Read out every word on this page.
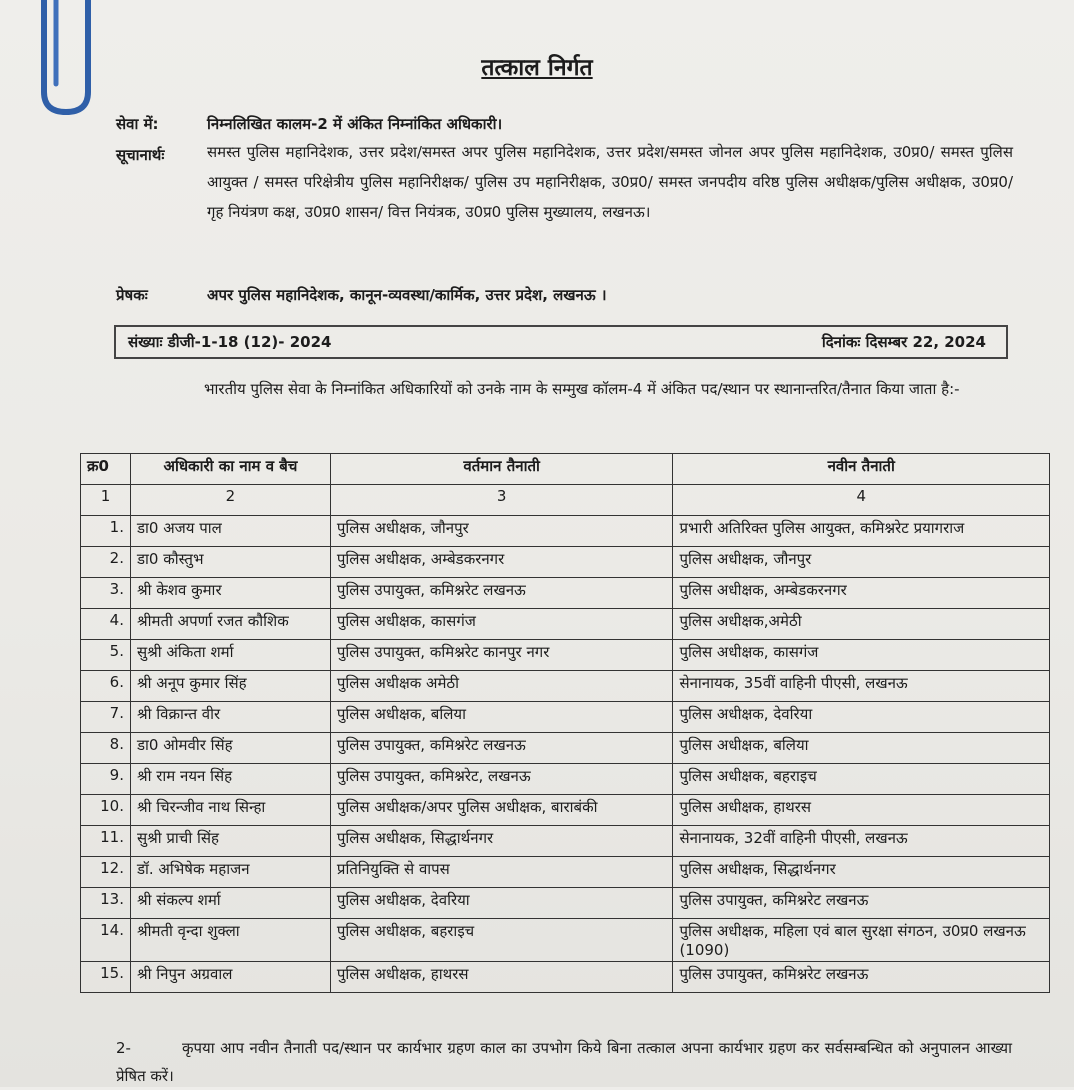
तत्काल निर्गत
सेवा में:	निम्नलिखित कालम-2 में अंकित निम्नांकित अधिकारी।
सूचानार्थः	समस्त पुलिस महानिदेशक, उत्तर प्रदेश/समस्त अपर पुलिस महानिदेशक, उत्तर प्रदेश/समस्त जोनल अपर पुलिस महानिदेशक, उ0प्र0/ समस्त पुलिस आयुक्त / समस्त परिक्षेत्रीय पुलिस महानिरीक्षक/ पुलिस उप महानिरीक्षक, उ0प्र0/ समस्त जनपदीय वरिष्ठ पुलिस अधीक्षक/पुलिस अधीक्षक, उ0प्र0/ गृह नियंत्रण कक्ष, उ0प्र0 शासन/ वित्त नियंत्रक, उ0प्र0 पुलिस मुख्यालय, लखनऊ।
प्रेषकः	अपर पुलिस महानिदेशक, कानून-व्यवस्था/कार्मिक, उत्तर प्रदेश, लखनऊ ।
संख्याः डीजी-1-18 (12)- 2024	दिनांकः दिसम्बर 22, 2024
भारतीय पुलिस सेवा के निम्नांकित अधिकारियों को उनके नाम के सम्मुख कॉलम-4 में अंकित पद/स्थान पर स्थानान्तरित/तैनात किया जाता है:-
क्र0	अधिकारी का नाम व बैच	वर्तमान तैनाती	नवीन तैनाती
1	2	3	4
1.	डा0 अजय पाल	पुलिस अधीक्षक, जौनपुर	प्रभारी अतिरिक्त पुलिस आयुक्त, कमिश्नरेट प्रयागराज
2.	डा0 कौस्तुभ	पुलिस अधीक्षक, अम्बेडकरनगर	पुलिस अधीक्षक, जौनपुर
3.	श्री केशव कुमार	पुलिस उपायुक्त, कमिश्नरेट लखनऊ	पुलिस अधीक्षक, अम्बेडकरनगर
4.	श्रीमती अपर्णा रजत कौशिक	पुलिस अधीक्षक, कासगंज	पुलिस अधीक्षक,अमेठी
5.	सुश्री अंकिता शर्मा	पुलिस उपायुक्त, कमिश्नरेट कानपुर नगर	पुलिस अधीक्षक, कासगंज
6.	श्री अनूप कुमार सिंह	पुलिस अधीक्षक अमेठी	सेनानायक, 35वीं वाहिनी पीएसी, लखनऊ
7.	श्री विक्रान्त वीर	पुलिस अधीक्षक, बलिया	पुलिस अधीक्षक, देवरिया
8.	डा0 ओमवीर सिंह	पुलिस उपायुक्त, कमिश्नरेट लखनऊ	पुलिस अधीक्षक, बलिया
9.	श्री राम नयन सिंह	पुलिस उपायुक्त, कमिश्नरेट, लखनऊ	पुलिस अधीक्षक, बहराइच
10.	श्री चिरन्जीव नाथ सिन्हा	पुलिस अधीक्षक/अपर पुलिस अधीक्षक, बाराबंकी	पुलिस अधीक्षक, हाथरस
11.	सुश्री प्राची सिंह	पुलिस अधीक्षक, सिद्धार्थनगर	सेनानायक, 32वीं वाहिनी पीएसी, लखनऊ
12.	डॉ. अभिषेक महाजन	प्रतिनियुक्ति से वापस	पुलिस अधीक्षक, सिद्धार्थनगर
13.	श्री संकल्प शर्मा	पुलिस अधीक्षक, देवरिया	पुलिस उपायुक्त, कमिश्नरेट लखनऊ
14.	श्रीमती वृन्दा शुक्ला	पुलिस अधीक्षक, बहराइच	पुलिस अधीक्षक, महिला एवं बाल सुरक्षा संगठन, उ0प्र0 लखनऊ (1090)
15.	श्री निपुन अग्रवाल	पुलिस अधीक्षक, हाथरस	पुलिस उपायुक्त, कमिश्नरेट लखनऊ
2-	कृपया आप नवीन तैनाती पद/स्थान पर कार्यभार ग्रहण काल का उपभोग किये बिना तत्काल अपना कार्यभार ग्रहण कर सर्वसम्बन्धित को अनुपालन आख्या प्रेषित करें।
